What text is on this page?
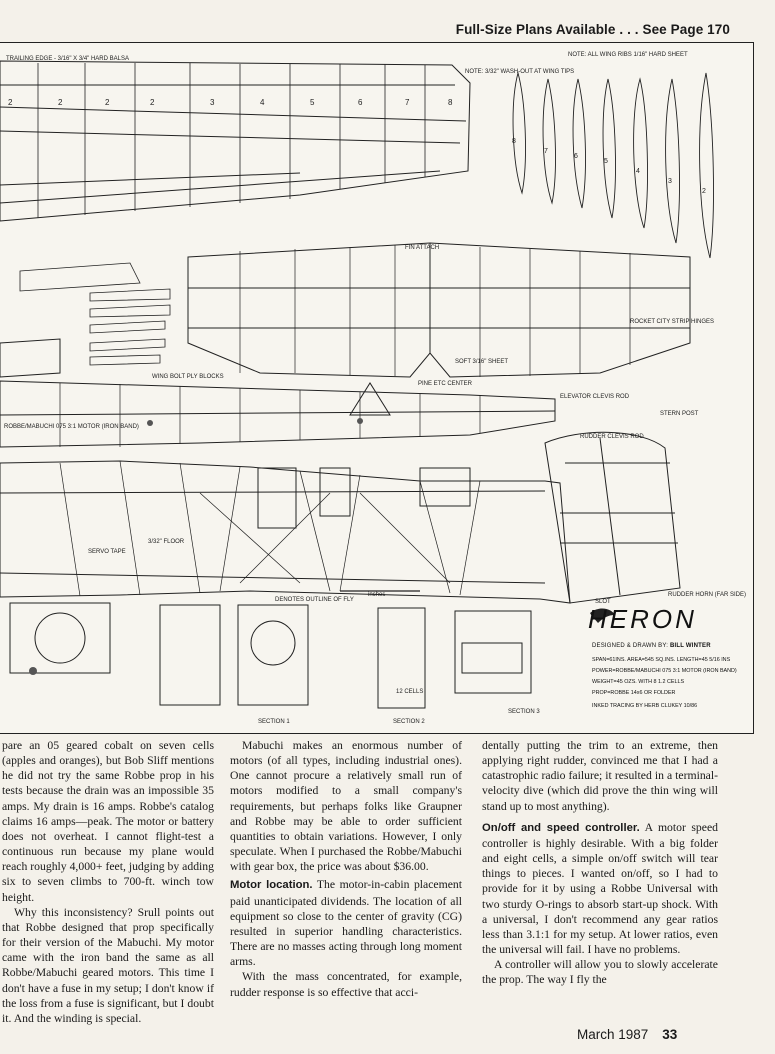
Full-Size Plans Available . . . See Page 170
TRAILING EDGE - 3/16" X 3/4" HARD BALSA
NOTE: 3/32" WASH-OUT AT WING TIPS
NOTE: ALL WING RIBS 1/16" HARD SHEET
FIN ATTACH
ROCKET CITY STRIP HINGES
SOFT 3/16" SHEET
PINE ETC CENTER
STERN POST
ELEVATOR CLEVIS ROD
RUDDER CLEVIS ROD
RUDDER HORN (FAR SIDE)
DENOTES OUTLINE OF FLY	SLOT
3/32" FLOOR
SERVO TAPE
12 CELLS
ROBBE/MABUCHI 075 3:1 MOTOR (IRON BAND)
WING BOLT PLY BLOCKS
inches
SECTION 1	SECTION 2
SECTION 3
2	2	2	2	3	4	5	6	7	8
8
7
6
5
4
3
2
HERON
DESIGNED & DRAWN BY: BILL WINTER
SPAN=61INS. AREA=545 SQ.INS. LENGTH=45 5/16 INS
POWER=ROBBE/MABUCHI 075 3:1 MOTOR (IRON BAND)
WEIGHT=45 OZS. WITH 8 1.2 CELLS
PROP=ROBBE 14x6 OR FOLDER
INKED TRACING BY HERB CLUKEY 10/86

pare an 05 geared cobalt on seven cells (apples and oranges), but Bob Sliff mentions he did not try the same Robbe prop in his tests because the drain was an impossible 35 amps. My drain is 16 amps. Robbe's catalog claims 16 amps—peak. The motor or battery does not overheat. I cannot flight-test a continuous run because my plane would reach roughly 4,000+ feet, judging by adding six to seven climbs to 700-ft. winch tow height.

Why this inconsistency? Srull points out that Robbe designed that prop specifically for their version of the Mabuchi. My motor came with the iron band the same as all Robbe/Mabuchi geared motors. This time I don't have a fuse in my setup; I don't know if the loss from a fuse is significant, but I doubt it. And the winding is special.

Mabuchi makes an enormous number of motors (of all types, including industrial ones). One cannot procure a relatively small run of motors modified to a small company's requirements, but perhaps folks like Graupner and Robbe may be able to order sufficient quantities to obtain variations. However, I only speculate. When I purchased the Robbe/Mabuchi with gear box, the price was about $36.00.

Motor location. The motor-in-cabin placement paid unanticipated dividends. The location of all equipment so close to the center of gravity (CG) resulted in superior handling characteristics. There are no masses acting through long moment arms.

With the mass concentrated, for example, rudder response is so effective that acci-

dentally putting the trim to an extreme, then applying right rudder, convinced me that I had a catastrophic radio failure; it resulted in a terminal-velocity dive (which did prove the thin wing will stand up to most anything).

On/off and speed controller. A motor speed controller is highly desirable. With a big folder and eight cells, a simple on/off switch will tear things to pieces. I wanted on/off, so I had to provide for it by using a Robbe Universal with two sturdy O-rings to absorb start-up shock. With a universal, I don't recommend any gear ratios less than 3.1:1 for my setup. At lower ratios, even the universal will fail. I have no problems.

A controller will allow you to slowly accelerate the prop. The way I fly the

March 1987 33
